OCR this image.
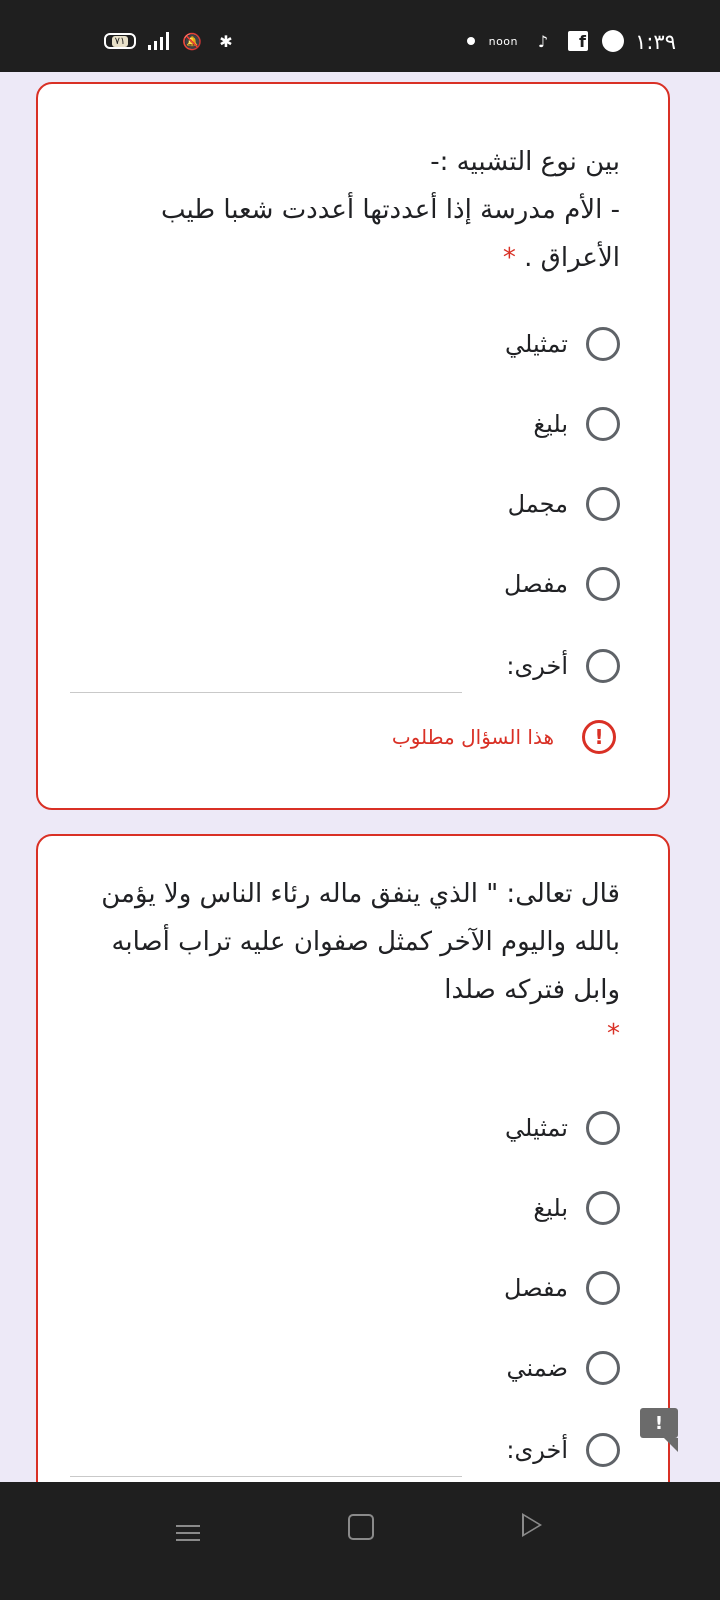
٧١	🔕 ✱	noon	♪	f ١:٣٩
بين نوع التشبيه :-
- الأم مدرسة إذا أعددتها أعددت شعبا طيب
الأعراق . *
تمثيلي
بليغ
مجمل
مفصل
أخرى:
!
هذا السؤال مطلوب
قال تعالى: " الذي ينفق ماله رئاء الناس ولا يؤمن
بالله واليوم الآخر كمثل صفوان عليه تراب أصابه
وابل فتركه صلدا
*
تمثيلي
بليغ
مفصل
ضمني
أخرى:
!
